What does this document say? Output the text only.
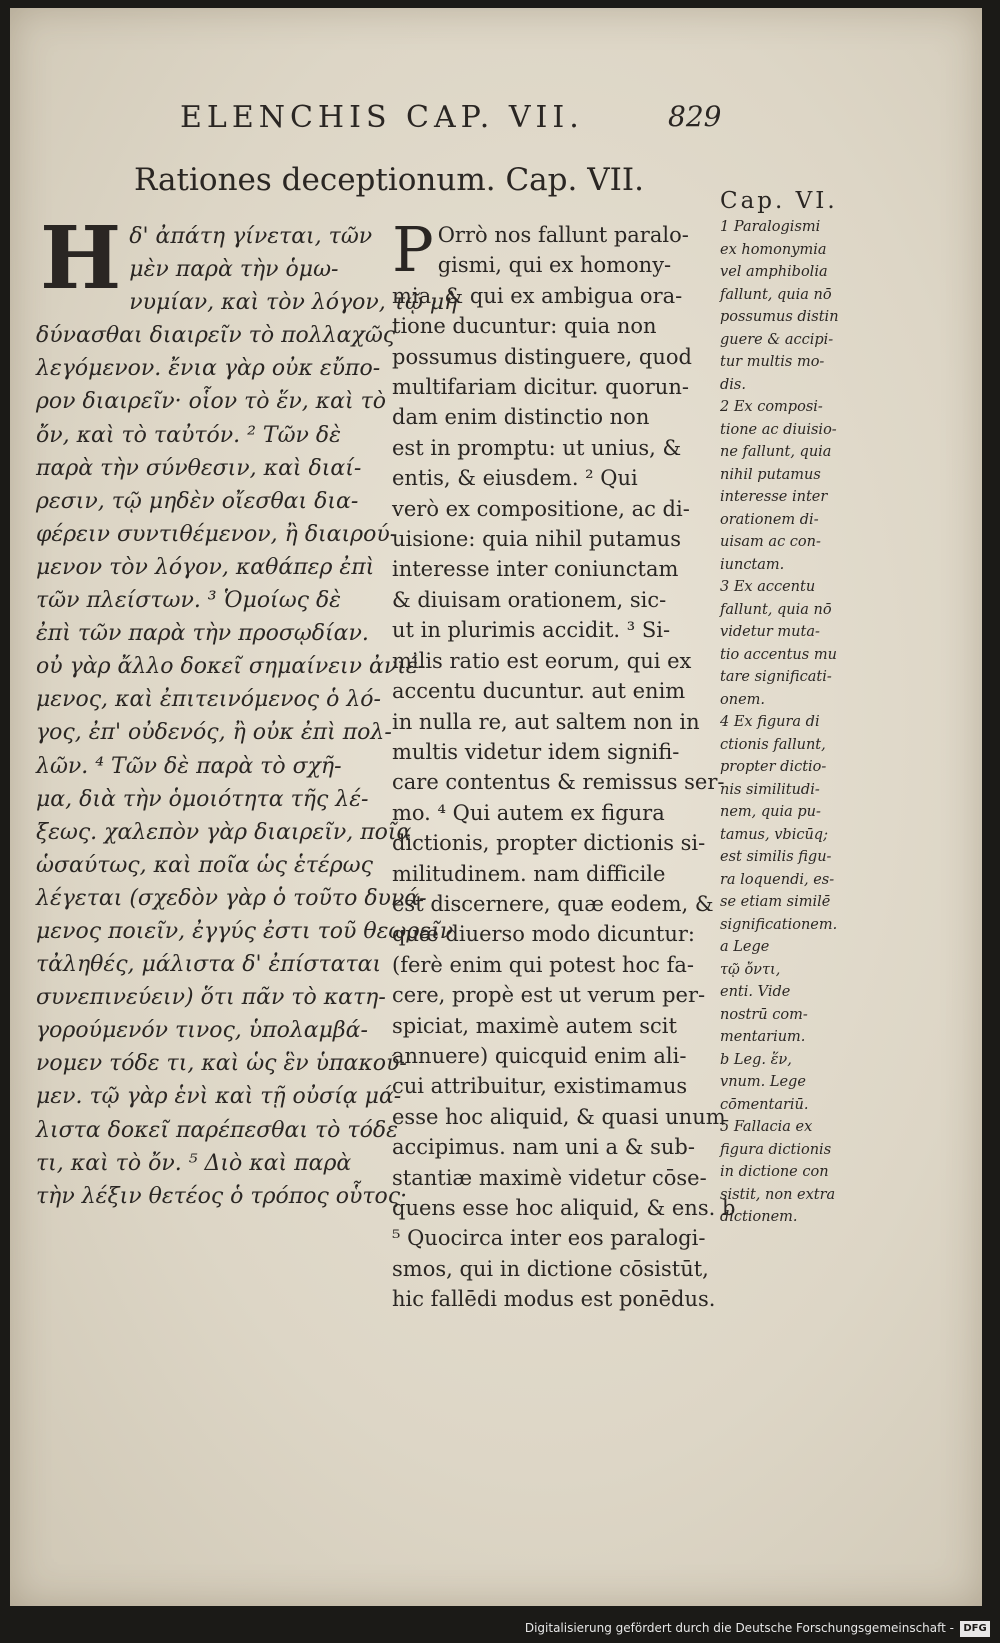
ELENCHIS CAP. VII.	829
Rationes deceptionum. Cap. VII.
H δ' ἀπάτη γίνεται, τῶν
μὲν παρὰ τὴν ὁμω-
νυμίαν, καὶ τὸν λόγον, τῷ μὴ
δύνασθαι διαιρεῖν τὸ πολλαχῶς
λεγόμενον. ἔνια γὰρ οὐκ εὔπο-
ρον διαιρεῖν· οἷον τὸ ἕν, καὶ τὸ
ὄν, καὶ τὸ ταὐτόν. ² Τῶν δὲ
παρὰ τὴν σύνθεσιν, καὶ διαί-
ρεσιν, τῷ μηδὲν οἴεσθαι δια-
φέρειν συντιθέμενον, ἢ διαιρού-
μενον τὸν λόγον, καθάπερ ἐπὶ
τῶν πλείστων. ³ Ὁμοίως δὲ
ἐπὶ τῶν παρὰ τὴν προσῳδίαν.
οὐ γὰρ ἄλλο δοκεῖ σημαίνειν ἀνιέ-
μενος, καὶ ἐπιτεινόμενος ὁ λό-
γος, ἐπ' οὐδενός, ἢ οὐκ ἐπὶ πολ-
λῶν. ⁴ Τῶν δὲ παρὰ τὸ σχῆ-
μα, διὰ τὴν ὁμοιότητα τῆς λέ-
ξεως. χαλεπὸν γὰρ διαιρεῖν, ποῖα
ὡσαύτως, καὶ ποῖα ὡς ἑτέρως
λέγεται (σχεδὸν γὰρ ὁ τοῦτο δυνά-
μενος ποιεῖν, ἐγγύς ἐστι τοῦ θεωρεῖν
τἀληθές, μάλιστα δ' ἐπίσταται
συνεπινεύειν) ὅτι πᾶν τὸ κατη-
γορούμενόν τινος, ὑπολαμβά-
νομεν τόδε τι, καὶ ὡς ἓν ὑπακού-
μεν. τῷ γὰρ ἑνὶ καὶ τῇ οὐσίᾳ μά-
λιστα δοκεῖ παρέπεσθαι τὸ τόδε
τι, καὶ τὸ ὄν. ⁵ Διὸ καὶ παρὰ
τὴν λέξιν θετέος ὁ τρόπος οὗτος·
P Orrò nos fallunt paralo-
gismi, qui ex homony-
mia, & qui ex ambigua ora-
tione ducuntur: quia non
possumus distinguere, quod
multifariam dicitur. quorun-
dam enim distinctio non
est in promptu: ut unius, &
entis, & eiusdem. ² Qui
verò ex compositione, ac di-
uisione: quia nihil putamus
interesse inter coniunctam
& diuisam orationem, sic-
ut in plurimis accidit. ³ Si-
milis ratio est eorum, qui ex
accentu ducuntur. aut enim
in nulla re, aut saltem non in
multis videtur idem signifi-
care contentus & remissus ser-
mo. ⁴ Qui autem ex figura
dictionis, propter dictionis si-
militudinem. nam difficile
est discernere, quæ eodem, &
quæ diuerso modo dicuntur:
(ferè enim qui potest hoc fa-
cere, propè est ut verum per-
spiciat, maximè autem scit
annuere) quicquid enim ali-
cui attribuitur, existimamus
esse hoc aliquid, & quasi unum
accipimus. nam uni a & sub-
stantiæ maximè videtur cōse-
quens esse hoc aliquid, & ens. b
⁵ Quocirca inter eos paralogi-
smos, qui in dictione cōsistūt,
hic fallēdi modus est ponēdus.
Cap. VI.
1 Paralogismi
ex homonymia
vel amphibolia
fallunt, quia nō
possumus distin
guere & accipi-
tur multis mo-
dis.
2 Ex composi-
tione ac diuisio-
ne fallunt, quia
nihil putamus
interesse inter
orationem di-
uisam ac con-
iunctam.
3 Ex accentu
fallunt, quia nō
videtur muta-
tio accentus mu
tare significati-
onem.
4 Ex figura di
ctionis fallunt,
propter dictio-
nis similitudi-
nem, quia pu-
tamus, vbicūq;
est similis figu-
ra loquendi, es-
se etiam similē
significationem.
a Lege
τῷ ὄντι,
enti. Vide
nostrū com-
mentarium.
b Leg. ἕν,
vnum. Lege
cōmentariū.
5 Fallacia ex
figura dictionis
in dictione con
sistit, non extra
dictionem.
Digitalisierung gefördert durch die Deutsche Forschungsgemeinschaft - DFG
